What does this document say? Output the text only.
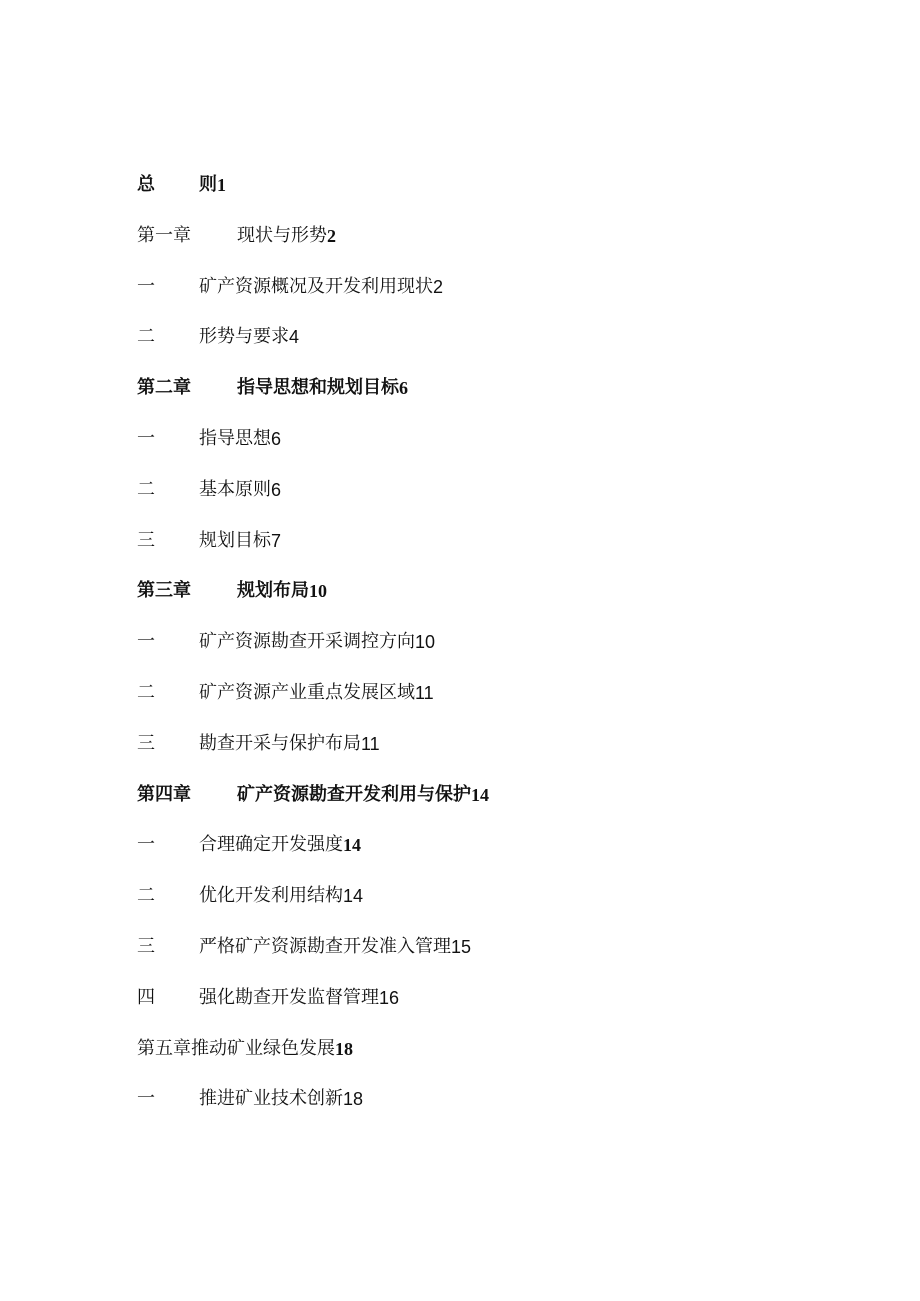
总	则 1
第一章	现状与形势 2
一	矿产资源概况及开发利用现状 2
二	形势与要求 4
第二章	指导思想和规划目标 6
一	指导思想 6
二	基本原则 6
三	规划目标 7
第三章	规划布局 10
一	矿产资源勘查开采调控方向 10
二	矿产资源产业重点发展区域 11
三	勘查开采与保护布局 11
第四章	矿产资源勘查开发利用与保护 14
一	合理确定开发强度 14
二	优化开发利用结构 14
三	严格矿产资源勘查开发准入管理 15
四	强化勘查开发监督管理 16
第五章推动矿业绿色发展 18
一	推进矿业技术创新 18
